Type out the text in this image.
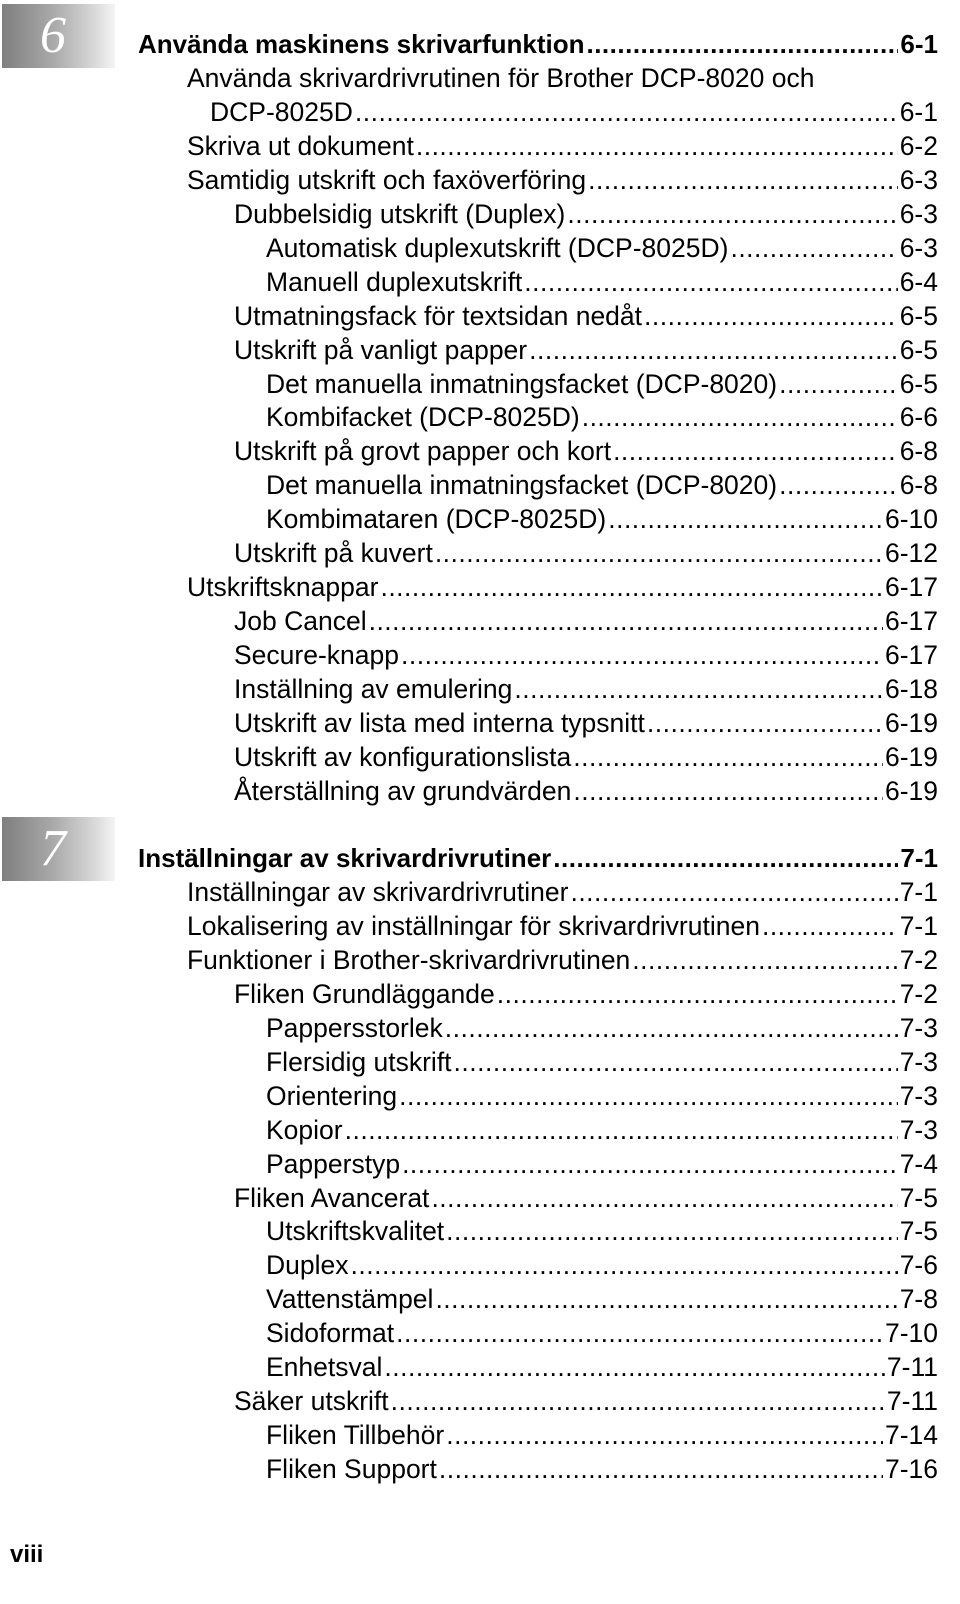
6
7
Använda maskinens skrivarfunktion .....	6-1
Använda skrivardrivrutinen för Brother DCP-8020 och
DCP-8025D .....	6-1
Skriva ut dokument .....	6-2
Samtidig utskrift och faxöverföring .....	6-3
Dubbelsidig utskrift (Duplex) .....	6-3
Automatisk duplexutskrift (DCP-8025D) .....	6-3
Manuell duplexutskrift .....	6-4
Utmatningsfack för textsidan nedåt .....	6-5
Utskrift på vanligt papper .....	6-5
Det manuella inmatningsfacket (DCP-8020) .....	6-5
Kombifacket (DCP-8025D) .....	6-6
Utskrift på grovt papper och kort .....	6-8
Det manuella inmatningsfacket (DCP-8020) .....	6-8
Kombimataren (DCP-8025D) .....	6-10
Utskrift på kuvert .....	6-12
Utskriftsknappar .....	6-17
Job Cancel .....	6-17
Secure-knapp .....	6-17
Inställning av emulering .....	6-18
Utskrift av lista med interna typsnitt .....	6-19
Utskrift av konfigurationslista .....	6-19
Återställning av grundvärden .....	6-19
Inställningar av skrivardrivrutiner .....	7-1
Inställningar av skrivardrivrutiner .....	7-1
Lokalisering av inställningar för skrivardrivrutinen .....	7-1
Funktioner i Brother-skrivardrivrutinen .....	7-2
Fliken Grundläggande .....	7-2
Pappersstorlek .....	7-3
Flersidig utskrift .....	7-3
Orientering .....	7-3
Kopior .....	7-3
Papperstyp .....	7-4
Fliken Avancerat .....	7-5
Utskriftskvalitet .....	7-5
Duplex .....	7-6
Vattenstämpel .....	7-8
Sidoformat .....	7-10
Enhetsval .....	7-11
Säker utskrift .....	7-11
Fliken Tillbehör .....	7-14
Fliken Support .....	7-16
viii
